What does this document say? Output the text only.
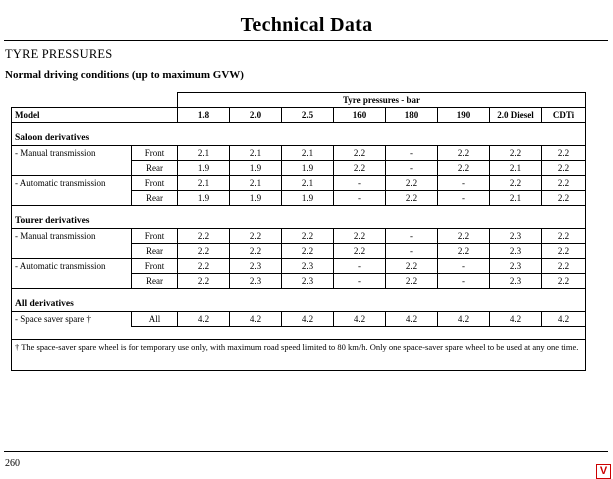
Technical Data
TYRE PRESSURES
Normal driving conditions (up to maximum GVW)
		Tyre pressures - bar							
Model		1.8	2.0	2.5	160	180	190	2.0 Diesel	CDTi
Saloon derivatives									
- Manual transmission	Front	2.1	2.1	2.1	2.2	-	2.2	2.2	2.2
	Rear	1.9	1.9	1.9	2.2	-	2.2	2.1	2.2
- Automatic transmission	Front	2.1	2.1	2.1	-	2.2	-	2.2	2.2
	Rear	1.9	1.9	1.9	-	2.2	-	2.1	2.2
Tourer derivatives									
- Manual transmission	Front	2.2	2.2	2.2	2.2	-	2.2	2.3	2.2
	Rear	2.2	2.2	2.2	2.2	-	2.2	2.3	2.2
- Automatic transmission	Front	2.2	2.3	2.3	-	2.2	-	2.3	2.2
	Rear	2.2	2.3	2.3	-	2.2	-	2.3	2.2
All derivatives									
- Space saver spare †	All	4.2	4.2	4.2	4.2	4.2	4.2	4.2	4.2

† The space-saver spare wheel is for temporary use only, with maximum road speed limited to 80 km/h. Only one space-saver spare wheel to be used at any one time.									
260
V
